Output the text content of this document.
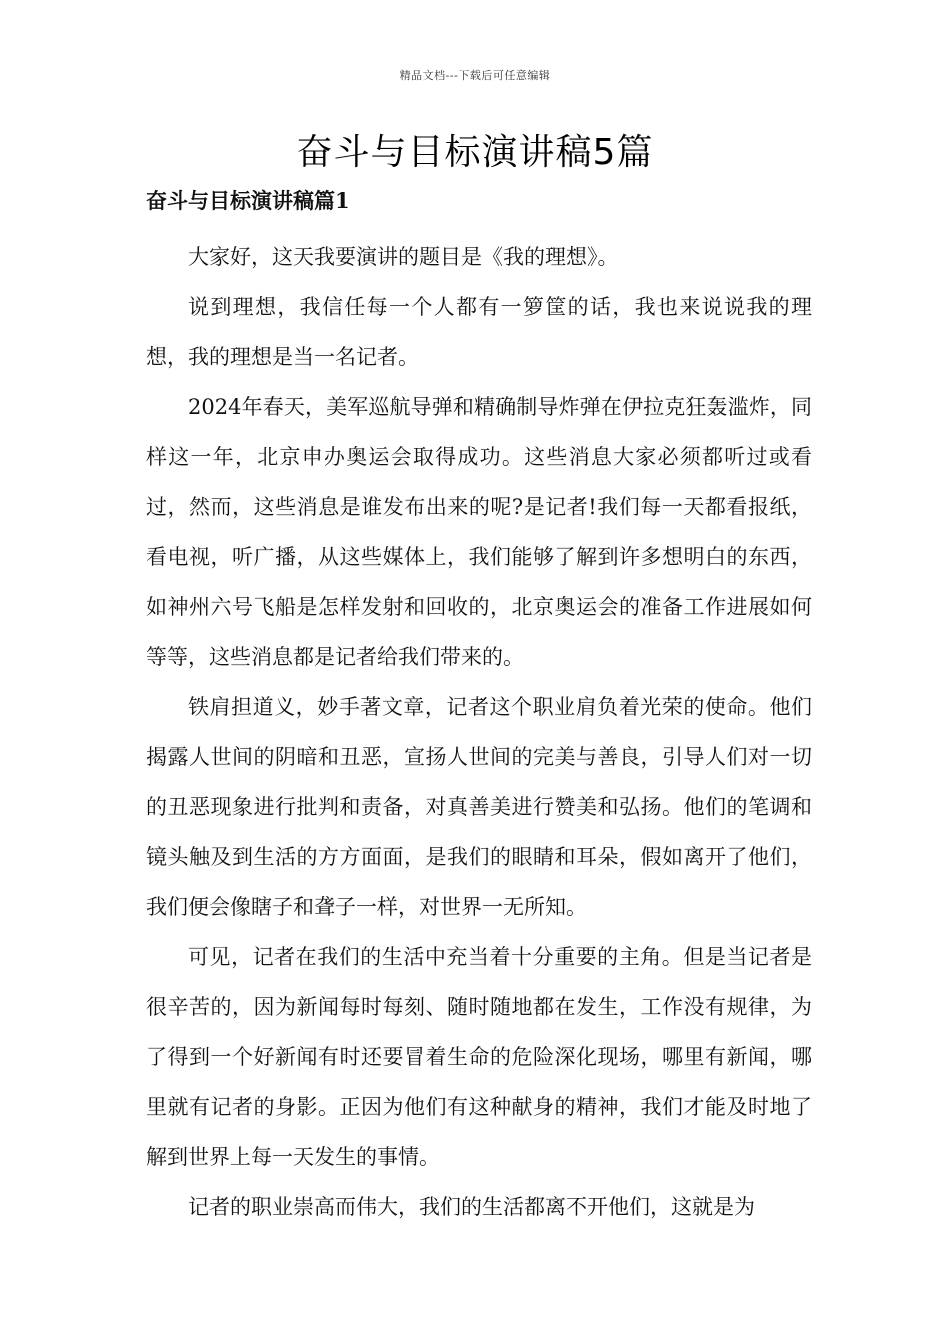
精品文档---下载后可任意编辑
奋斗与目标演讲稿5篇
奋斗与目标演讲稿篇1

大家好，这天我要演讲的题目是《我的理想》。

说到理想，我信任每一个人都有一箩筐的话，我也来说说我的理想，我的理想是当一名记者。

2024年春天，美军巡航导弹和精确制导炸弹在伊拉克狂轰滥炸，同样这一年，北京申办奥运会取得成功。这些消息大家必须都听过或看过，然而，这些消息是谁发布出来的呢?是记者!我们每一天都看报纸，看电视，听广播，从这些媒体上，我们能够了解到许多想明白的东西，如神州六号飞船是怎样发射和回收的，北京奥运会的准备工作进展如何等等，这些消息都是记者给我们带来的。

铁肩担道义，妙手著文章，记者这个职业肩负着光荣的使命。他们揭露人世间的阴暗和丑恶，宣扬人世间的完美与善良，引导人们对一切的丑恶现象进行批判和责备，对真善美进行赞美和弘扬。他们的笔调和镜头触及到生活的方方面面，是我们的眼睛和耳朵，假如离开了他们，我们便会像瞎子和聋子一样，对世界一无所知。

可见，记者在我们的生活中充当着十分重要的主角。但是当记者是很辛苦的，因为新闻每时每刻、随时随地都在发生，工作没有规律，为了得到一个好新闻有时还要冒着生命的危险深化现场，哪里有新闻，哪里就有记者的身影。正因为他们有这种献身的精神，我们才能及时地了解到世界上每一天发生的事情。

记者的职业崇高而伟大，我们的生活都离不开他们，这就是为
